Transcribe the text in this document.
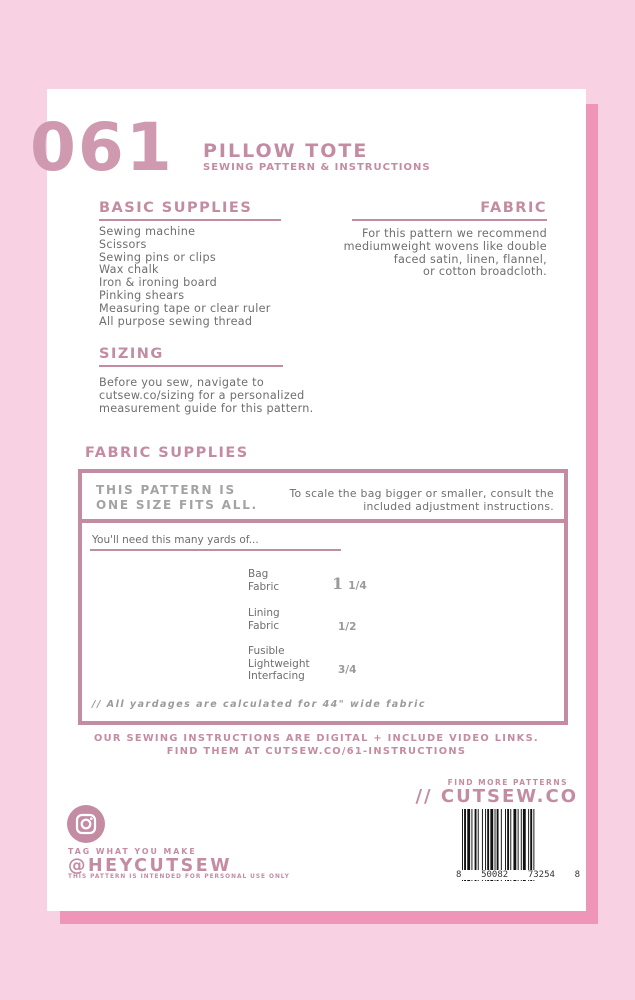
061 PILLOW TOTE
SEWING PATTERN & INSTRUCTIONS
BASIC SUPPLIES
Sewing machine
Scissors
Sewing pins or clips
Wax chalk
Iron & ironing board
Pinking shears
Measuring tape or clear ruler
All purpose sewing thread
FABRIC
For this pattern we recommend
mediumweight wovens like double
faced satin, linen, flannel,
or cotton broadcloth.
SIZING
Before you sew, navigate to
cutsew.co/sizing for a personalized
measurement guide for this pattern.
FABRIC SUPPLIES
THIS PATTERN IS
ONE SIZE FITS ALL.
To scale the bag bigger or smaller, consult the
included adjustment instructions.
You'll need this many yards of...
Bag
Fabric	1 1/4
Lining
Fabric	1/2
Fusible
Lightweight
Interfacing
3/4
// All yardages are calculated for 44" wide fabric
OUR SEWING INSTRUCTIONS ARE DIGITAL + INCLUDE VIDEO LINKS.
FIND THEM AT CUTSEW.CO/61-INSTRUCTIONS
FIND MORE PATTERNS
// CUTSEW.CO
TAG WHAT YOU MAKE
@HEYCUTSEW
THIS PATTERN IS INTENDED FOR PERSONAL USE ONLY	8 50082 73254 8
